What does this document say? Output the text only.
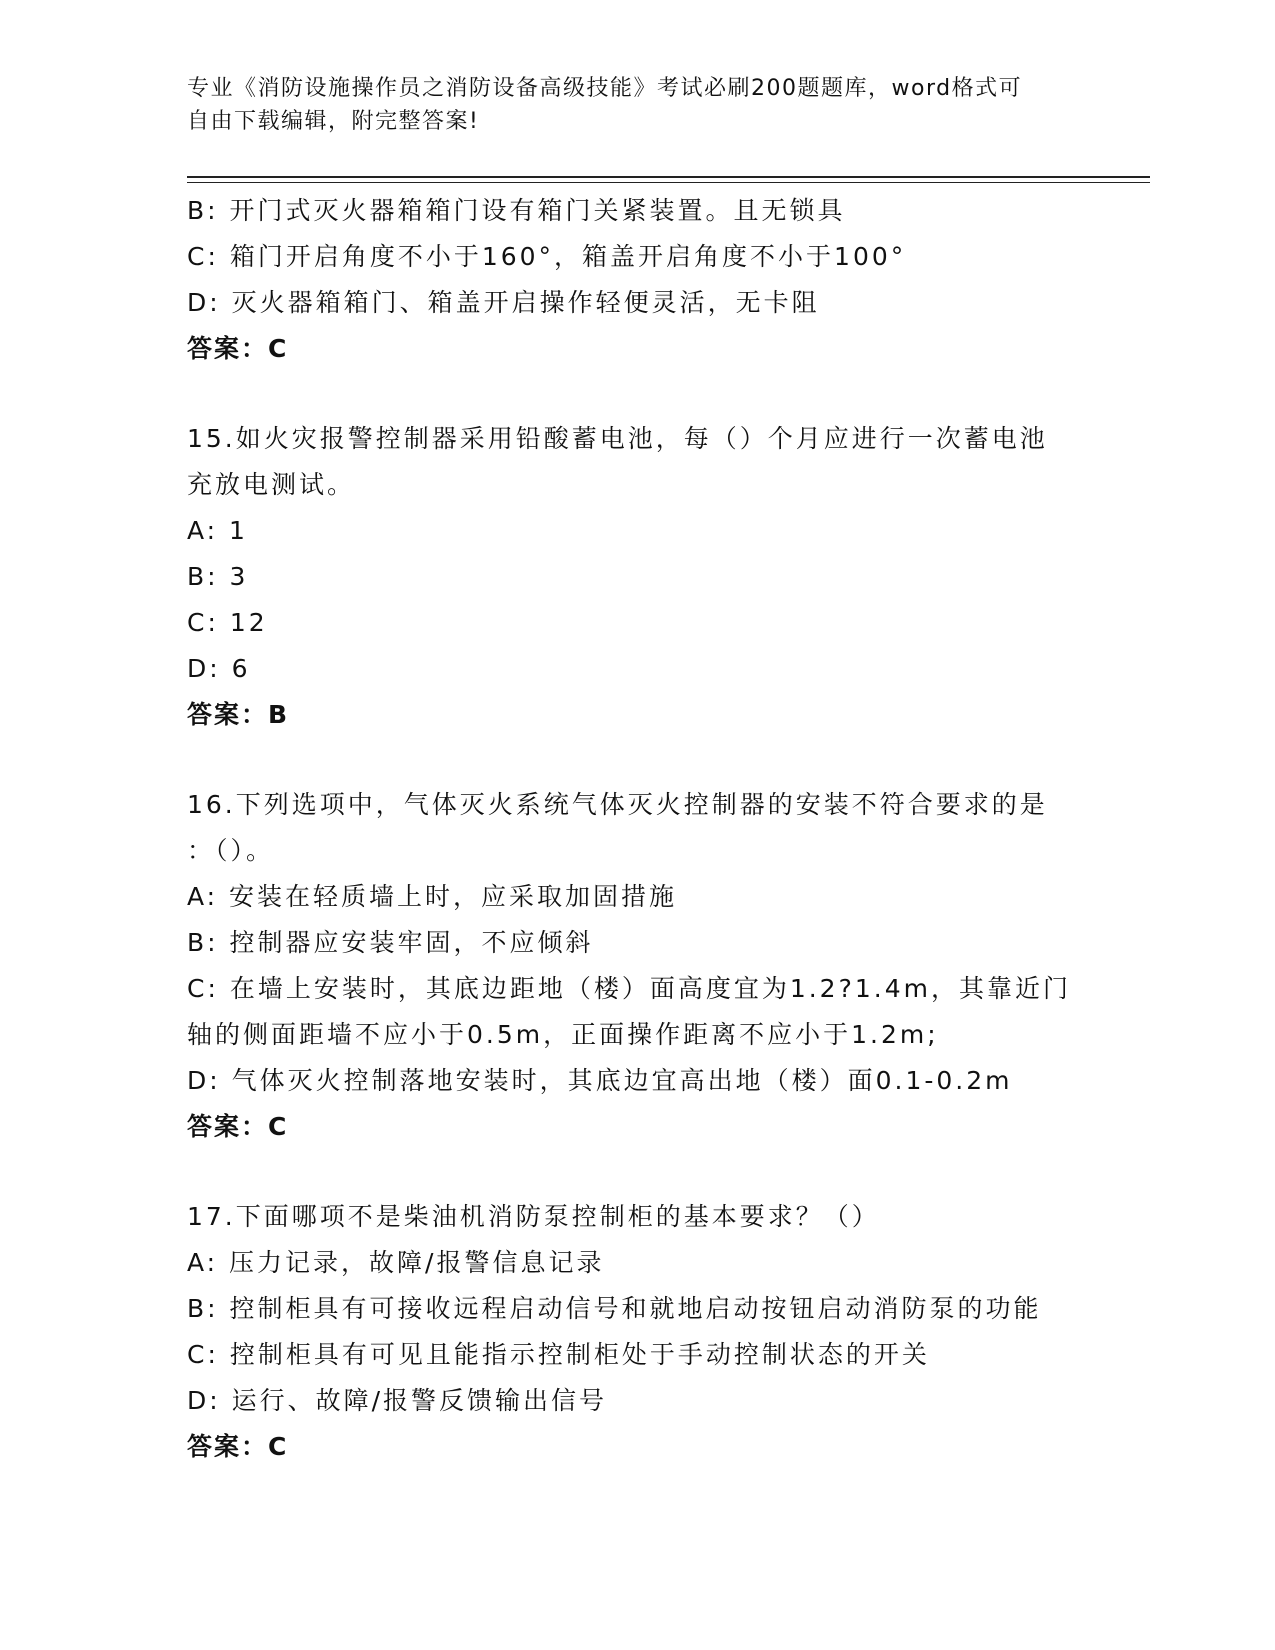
专业《消防设施操作员之消防设备高级技能》考试必刷200题题库，word格式可
自由下载编辑，附完整答案!
B: 开门式灭火器箱箱门设有箱门关紧装置。且无锁具
C: 箱门开启角度不小于160°，箱盖开启角度不小于100°
D: 灭火器箱箱门、箱盖开启操作轻便灵活，无卡阻
答案：C
15.如火灾报警控制器采用铅酸蓄电池，每（）个月应进行一次蓄电池
充放电测试。
A: 1
B: 3
C: 12
D: 6
答案：B
16.下列选项中，气体灭火系统气体灭火控制器的安装不符合要求的是
：（）。
A: 安装在轻质墙上时，应采取加固措施
B: 控制器应安装牢固，不应倾斜
C: 在墙上安装时，其底边距地（楼）面高度宜为1.2?1.4m，其靠近门
轴的侧面距墙不应小于0.5m，正面操作距离不应小于1.2m;
D: 气体灭火控制落地安装时，其底边宜高出地（楼）面0.1-0.2m
答案：C
17.下面哪项不是柴油机消防泵控制柜的基本要求？（）
A: 压力记录，故障/报警信息记录
B: 控制柜具有可接收远程启动信号和就地启动按钮启动消防泵的功能
C: 控制柜具有可见且能指示控制柜处于手动控制状态的开关
D: 运行、故障/报警反馈输出信号
答案：C
